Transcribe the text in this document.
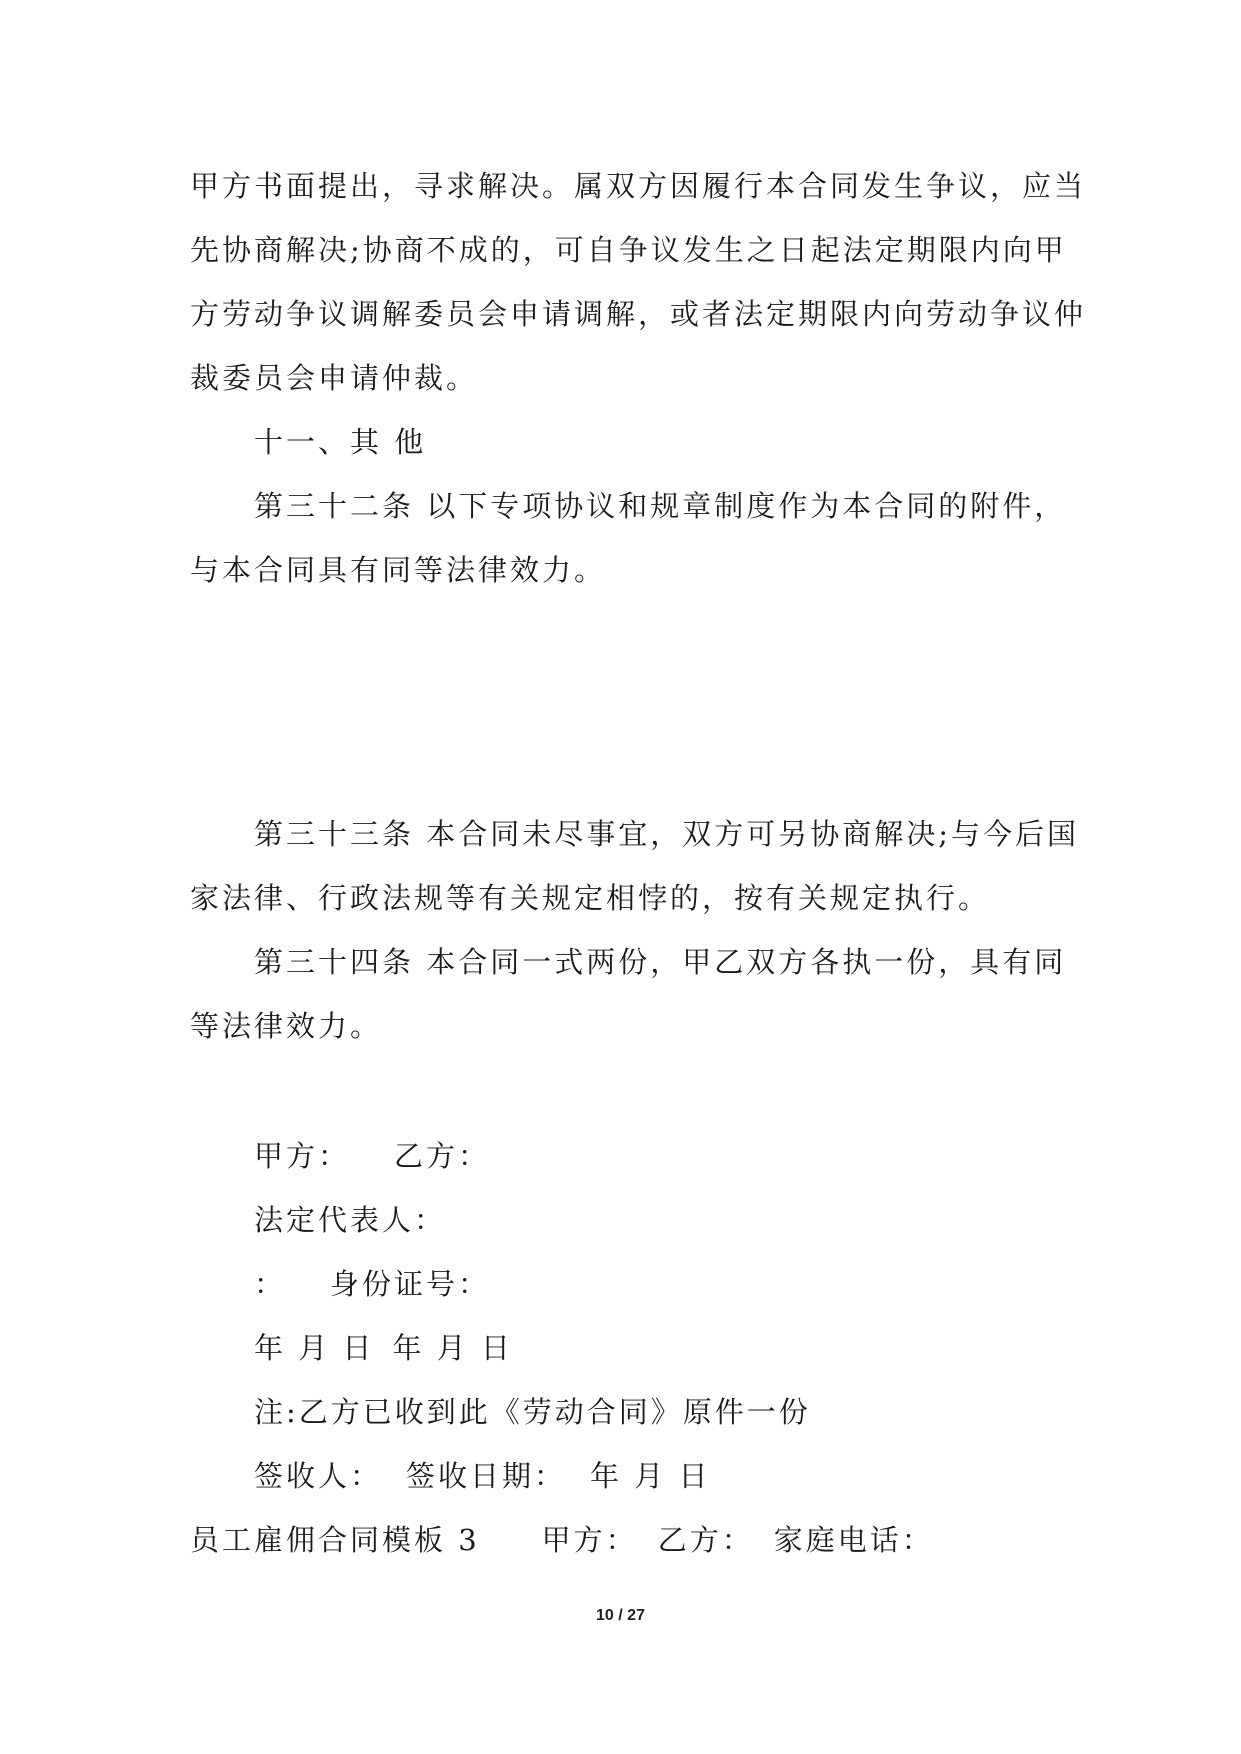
甲方书面提出，寻求解决。属双方因履行本合同发生争议，应当
先协商解决;协商不成的，可自争议发生之日起法定期限内向甲
方劳动争议调解委员会申请调解，或者法定期限内向劳动争议仲
裁委员会申请仲裁。
十一、其 他
第三十二条 以下专项协议和规章制度作为本合同的附件，
与本合同具有同等法律效力。
第三十三条 本合同未尽事宜，双方可另协商解决;与今后国
家法律、行政法规等有关规定相悖的，按有关规定执行。
第三十四条 本合同一式两份，甲乙双方各执一份，具有同
等法律效力。
甲方： 乙方：
法定代表人：
： 身份证号：
年 月 日 年 月 日
注:乙方已收到此《劳动合同》原件一份
签收人： 签收日期： 年 月 日
员工雇佣合同模板 3 甲方： 乙方： 家庭电话：
10 / 27
